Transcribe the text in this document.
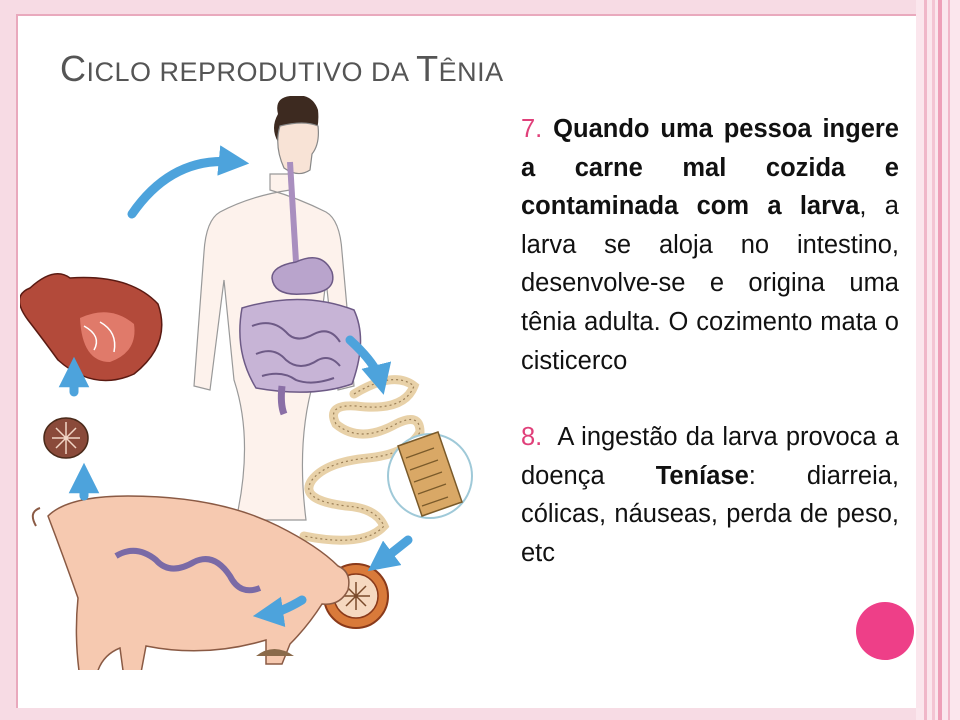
CICLO REPRODUTIVO DA TÊNIA

7. Quando uma pessoa ingere a carne mal cozida e contaminada com a larva, a larva se aloja no intestino, desenvolve-se e origina uma tênia adulta. O cozimento mata o cisticerco

8. A ingestão da larva provoca a doença Teníase: diarreia, cólicas, náuseas, perda de peso, etc
